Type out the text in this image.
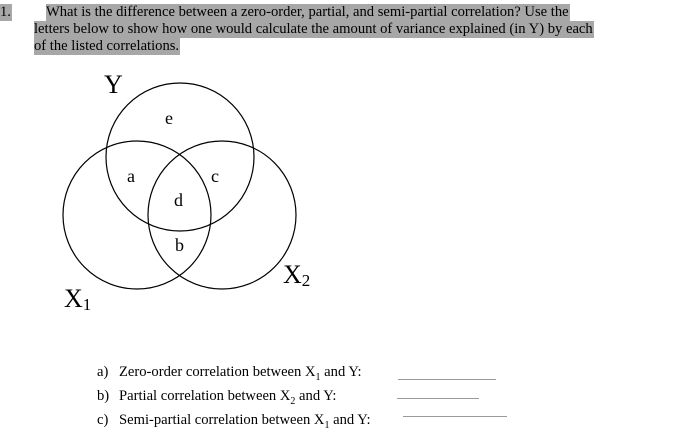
1. What is the difference between a zero-order, partial, and semi-partial correlation? Use the
letters below to show how one would calculate the amount of variance explained (in Y) by each
of the listed correlations.
Y
X1
X2
e
a	c
d
b
a) Zero-order correlation between $X_1$ and Y:
b) Partial correlation between $X_2$ and Y:
c) Semi-partial correlation between $X_1$ and Y:
